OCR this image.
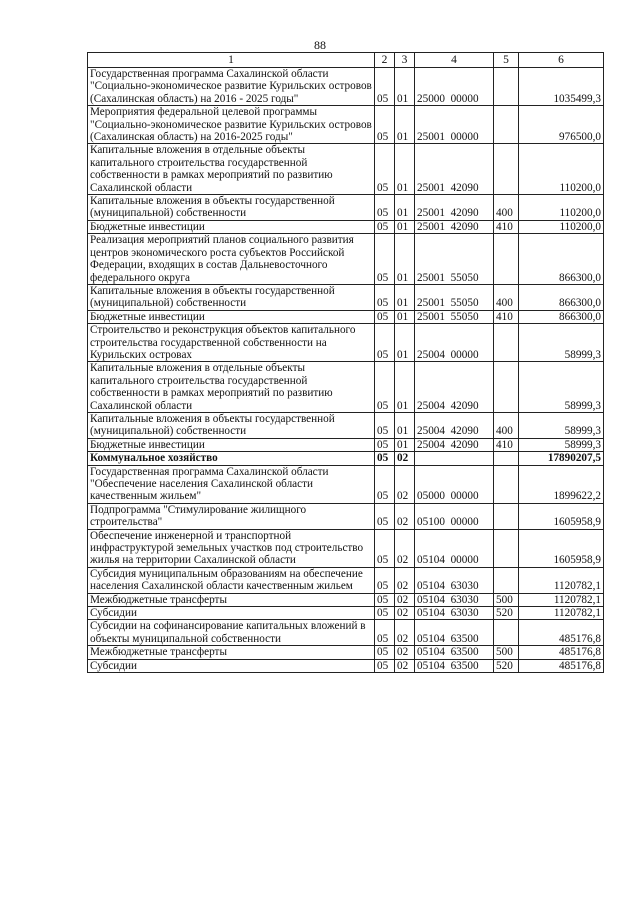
88
1	2	3	4	5	6
Государственная программа Сахалинской области "Социально-экономическое развитие Курильских островов (Сахалинская область) на 2016 - 2025 годы"	05	01	25000  00000		1035499,3
Мероприятия федеральной целевой программы "Социально-экономическое развитие Курильских островов (Сахалинская область) на 2016-2025 годы"	05	01	25001  00000		976500,0
Капитальные вложения в отдельные объекты капитального строительства государственной собственности в рамках мероприятий по развитию Сахалинской области	05	01	25001  42090		110200,0
Капитальные вложения в объекты государственной (муниципальной) собственности	05	01	25001  42090	400	110200,0
Бюджетные инвестиции	05	01	25001  42090	410	110200,0
Реализация мероприятий планов социального развития центров экономического роста субъектов Российской Федерации, входящих в состав Дальневосточного федерального округа	05	01	25001  55050		866300,0
Капитальные вложения в объекты государственной (муниципальной) собственности	05	01	25001  55050	400	866300,0
Бюджетные инвестиции	05	01	25001  55050	410	866300,0
Строительство и реконструкция объектов капитального строительства государственной собственности на Курильских островах	05	01	25004  00000		58999,3
Капитальные вложения в отдельные объекты капитального строительства государственной собственности в рамках мероприятий по развитию Сахалинской области	05	01	25004  42090		58999,3
Капитальные вложения в объекты государственной (муниципальной) собственности	05	01	25004  42090	400	58999,3
Бюджетные инвестиции	05	01	25004  42090	410	58999,3
Коммунальное хозяйство	05	02			17890207,5
Государственная программа Сахалинской области "Обеспечение населения Сахалинской области качественным жильем"	05	02	05000  00000		1899622,2
Подпрограмма "Стимулирование жилищного строительства"	05	02	05100  00000		1605958,9
Обеспечение инженерной и транспортной инфраструктурой земельных участков под строительство жилья на территории Сахалинской области	05	02	05104  00000		1605958,9
Субсидия муниципальным образованиям на обеспечение населения Сахалинской области качественным жильем	05	02	05104  63030		1120782,1
Межбюджетные трансферты	05	02	05104  63030	500	1120782,1
Субсидии	05	02	05104  63030	520	1120782,1
Субсидии на софинансирование капитальных вложений в объекты муниципальной собственности	05	02	05104  63500		485176,8
Межбюджетные трансферты	05	02	05104  63500	500	485176,8
Субсидии	05	02	05104  63500	520	485176,8
